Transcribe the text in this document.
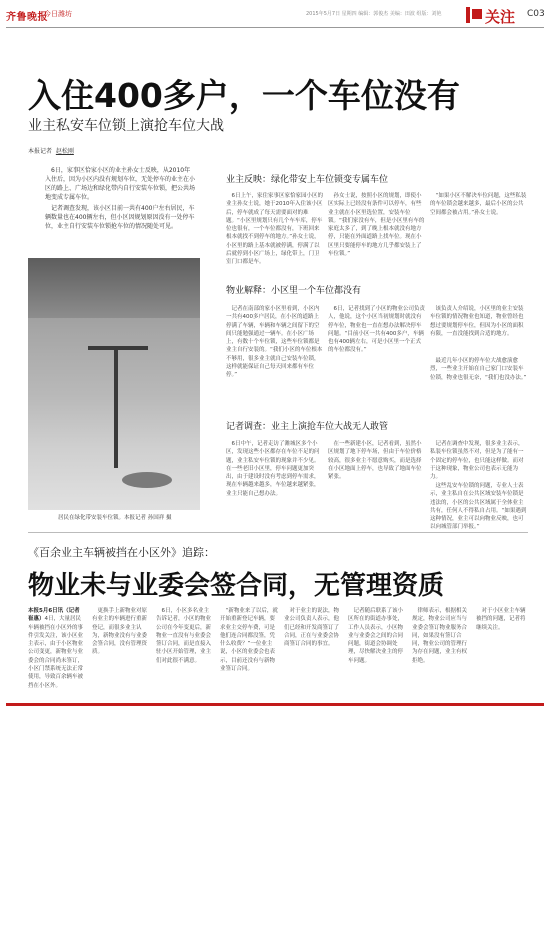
齐鲁晚报
今日潍坊	2015年5月7日 星期四 编辑：郭俊杰 美编：田波 组版：刘艳	关注 C03
入住400多户，一个车位没有
业主私安车位锁上演抢车位大战
本报记者 赵松刚

6日，家事区恰家小区的业主孙女士反映，从2010年入住后，因为小区内没有规划车位，无处停车的业主在小区的路上、广场边和绿化带内自行安装车位锁，把公共场地变成专属车位。

记者调查发现，该小区目前一共有400户左右居民，车辆数量也在400辆左右，但小区因规划原因没有一处停车位，业主自行安装车位锁抢车位的情况随处可见。

居民在绿化带安装车位锁。本报记者 孙国祥 摄
业主反映：绿化带安上车位锁变专属车位
6日上午，家住家事区家恰家园小区的业主孙女士说，她于2010年入住该小区后，停车就成了每天需要面对的难题。“小区里规划只有几个车车库，停车位也很有，一个车位都没有，下班回来根本就找不到停车的地方。”孙女士说，小区里的路上基本就被停满，停满了以后就停到小区广场上，绿化带上，门卫室门口都是车。
孙女士说，按照小区的规划，即使小区实际上已经没有条件可以停车，有些业主就在小区里选位置，安装车位锁。“我们家没有车，但是小区里有车的家庭太多了，到了晚上根本就没有地方停，只能在外面道路上找车位。现在小区里只要能停车的地方几乎都安装上了车位锁。”
“如果小区不解决车位问题，这些私装的车位锁会越来越多，最后小区的公共空间都会被占用。”孙女士说。
物业解释：小区里一个车位都没有
记者在南部的家小区里看到，小区内一共有400多户居民，在小区的道路上停满了车辆，车辆和车辆之间留下的空间只能勉强通过一辆车。在小区广场上，有数十个车位锁，这些车位锁都是业主自行安装的。“我们小区的车位根本不够用，很多业主就自己安装车位锁，这样就能保证自己每天回来都有车位停。”
6日，记者找到了小区的物业公司负责人，他说，这个小区当初规划时就没有停车位，物业也一直在想办法解决停车问题。“目前小区一共有400多户，车辆也有400辆左右，可是小区里一个正式的车位都没有。”
该负责人介绍说，小区里的业主安装车位锁的情况物业也知道，物业曾经也想过要规划停车位，但因为小区的面积有限，一直没能找到合适的地方。
最近几年小区的停车位大战愈演愈烈，一些业主开始在自己家门口安装车位锁，物业也很无奈，“我们也没办法。”
记者调查：业主上演抢车位大战无人敢管
6日中午，记者走访了潍城区多个小区，发现这些小区都存在车位不足的问题，业主私安车位锁的现象并不少见。在一些老旧小区里，停车问题更加突出，由于建设时没有考虑到停车需求，现在车辆越来越多，车位越来越紧张，业主只能自己想办法。
在一些新建小区，记者看到，虽然小区规划了地下停车场，但由于车位价格较高，很多业主不愿意购买，而是选择在小区地面上停车，也导致了地面车位紧张。
记者在调查中发现，很多业主表示，私装车位锁虽然不对，但是为了能有一个固定的停车位，也只能这样做。而对于这种现象，物业公司也表示无能为力。
这些乱安车位锁的问题，专业人士表示，业主私自在公共区域安装车位锁是违法的，小区的公共区域属于全体业主共有，任何人不得私自占用。“如果遇到这种情况，业主可以向物业反映，也可以向城管部门举报。”
《百余业主车辆被挡在小区外》追踪：
物业未与业委会签合同，无管理资质
本报5月6日讯（记者 崔惠）4日，大量居民车辆被挡在小区外的事件引发关注，该小区业主表示，由于小区物业公司变更，新物业与业委会的合同尚未签订，小区门禁系统无法正常使用，导致百余辆车被挡在小区外。
更换手上新物业对原有业主的车辆进行重新登记，而很多业主认为，新物业没有与业委会签合同，没有管理资质。
6日，小区多名业主告诉记者，小区的物业公司在今年变更后，新物业一直没有与业委会签订合同，而是直接入驻小区开始管理，业主们对此很不满意。
“新物业来了以后，就开始重新登记车辆，要求业主交停车费，可是他们连合同都没签，凭什么收费？”一位业主说，小区的业委会也表示，目前还没有与新物业签订合同。
对于业主的说法，物业公司负责人表示，他们已经和开发商签订了合同，正在与业委会协商签订合同的事宜。
记者随后联系了该小区所在的街道办事处，工作人员表示，小区物业与业委会之间的合同问题，街道会协调处理，尽快解决业主的停车问题。
律师表示，根据相关规定，物业公司应当与业委会签订物业服务合同，如果没有签订合同，物业公司的管理行为存在问题，业主有权拒绝。
对于小区业主车辆被挡的问题，记者将继续关注。
